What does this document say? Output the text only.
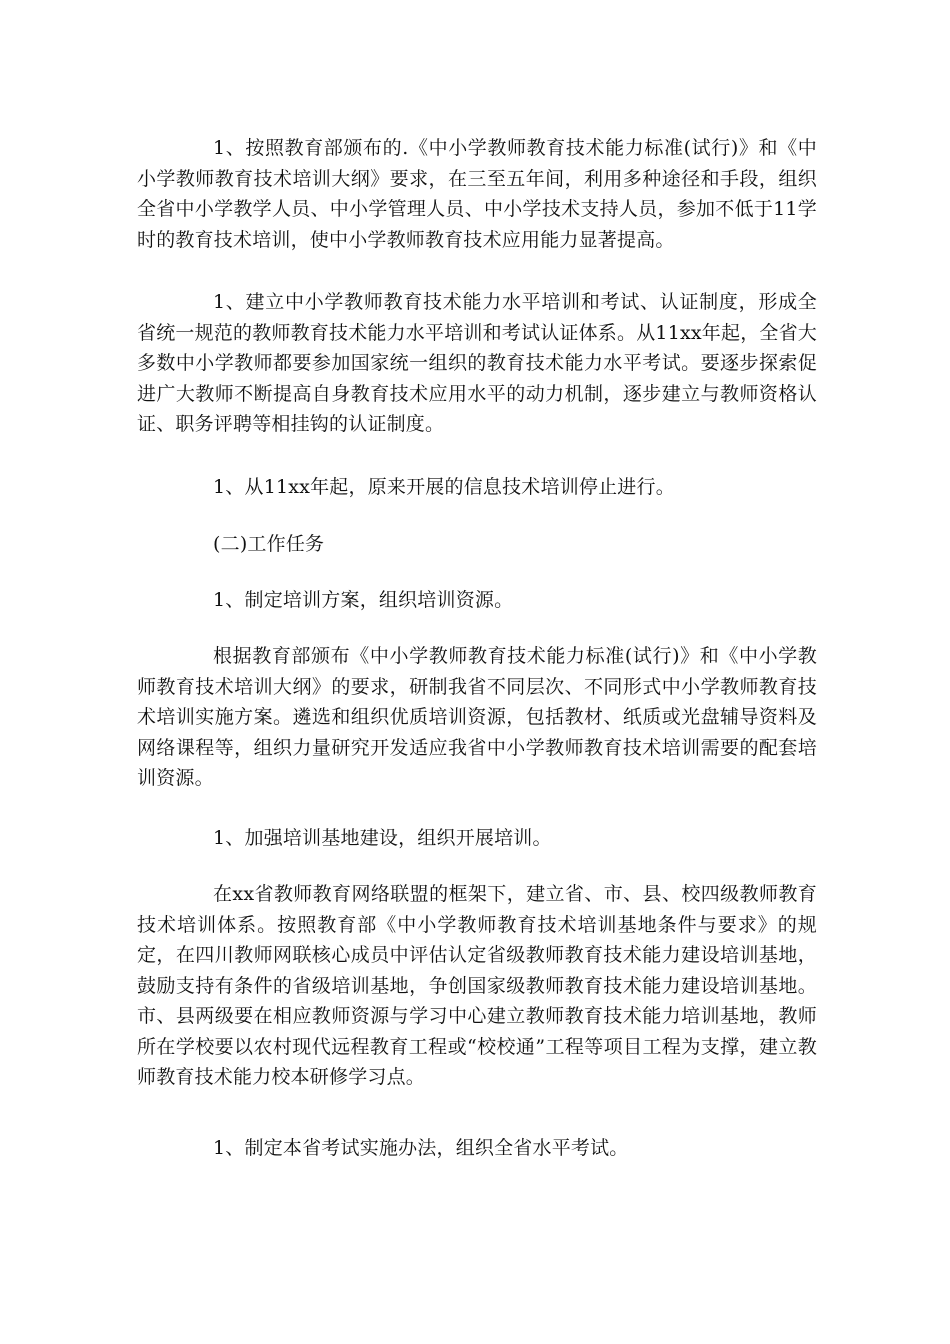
1、按照教育部颁布的.《中小学教师教育技术能力标准(试行)》和《中小学教师教育技术培训大纲》要求，在三至五年间，利用多种途径和手段，组织全省中小学教学人员、中小学管理人员、中小学技术支持人员，参加不低于11学时的教育技术培训，使中小学教师教育技术应用能力显著提高。

1、建立中小学教师教育技术能力水平培训和考试、认证制度，形成全省统一规范的教师教育技术能力水平培训和考试认证体系。从11xx年起，全省大多数中小学教师都要参加国家统一组织的教育技术能力水平考试。要逐步探索促进广大教师不断提高自身教育技术应用水平的动力机制，逐步建立与教师资格认证、职务评聘等相挂钩的认证制度。

1、从11xx年起，原来开展的信息技术培训停止进行。

(二)工作任务

1、制定培训方案，组织培训资源。

根据教育部颁布《中小学教师教育技术能力标准(试行)》和《中小学教师教育技术培训大纲》的要求，研制我省不同层次、不同形式中小学教师教育技术培训实施方案。遴选和组织优质培训资源，包括教材、纸质或光盘辅导资料及网络课程等，组织力量研究开发适应我省中小学教师教育技术培训需要的配套培训资源。

1、加强培训基地建设，组织开展培训。

在xx省教师教育网络联盟的框架下，建立省、市、县、校四级教师教育技术培训体系。按照教育部《中小学教师教育技术培训基地条件与要求》的规定，在四川教师网联核心成员中评估认定省级教师教育技术能力建设培训基地，鼓励支持有条件的省级培训基地，争创国家级教师教育技术能力建设培训基地。市、县两级要在相应教师资源与学习中心建立教师教育技术能力培训基地，教师所在学校要以农村现代远程教育工程或“校校通”工程等项目工程为支撑，建立教师教育技术能力校本研修学习点。

1、制定本省考试实施办法，组织全省水平考试。
